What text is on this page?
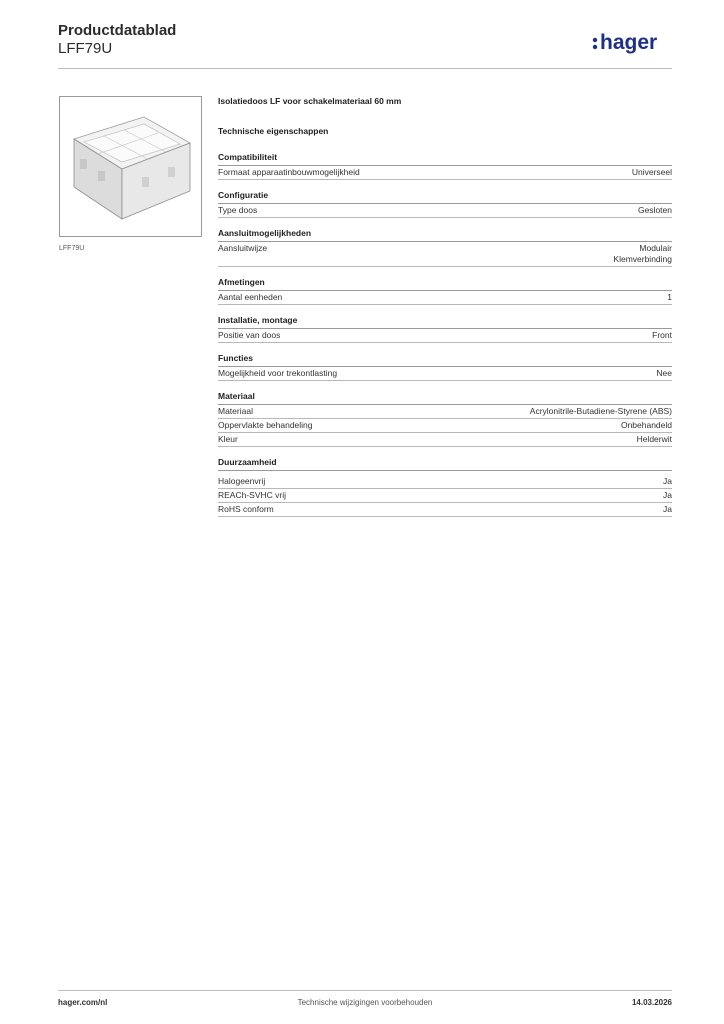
Productdatablad
LFF79U	hager
LFF79U
Isolatiedoos LF voor schakelmateriaal 60 mm
Technische eigenschappen
Compatibiliteit
Formaat apparaatinbouwmogelijkheid	Universeel
Configuratie
Type doos	Gesloten
Aansluitmogelijkheden
Aansluitwijze	Modulair
Klemverbinding
Afmetingen
Aantal eenheden	1
Installatie, montage
Positie van doos	Front
Functies
Mogelijkheid voor trekontlasting	Nee
Materiaal
Materiaal	Acrylonitrile-Butadiene-Styrene (ABS)
Oppervlakte behandeling	Onbehandeld
Kleur	Helderwit
Duurzaamheid
Halogeenvrij	Ja
REACh-SVHC vrij	Ja
RoHS conform	Ja
hager.com/nl	Technische wijzigingen voorbehouden	14.03.2026
